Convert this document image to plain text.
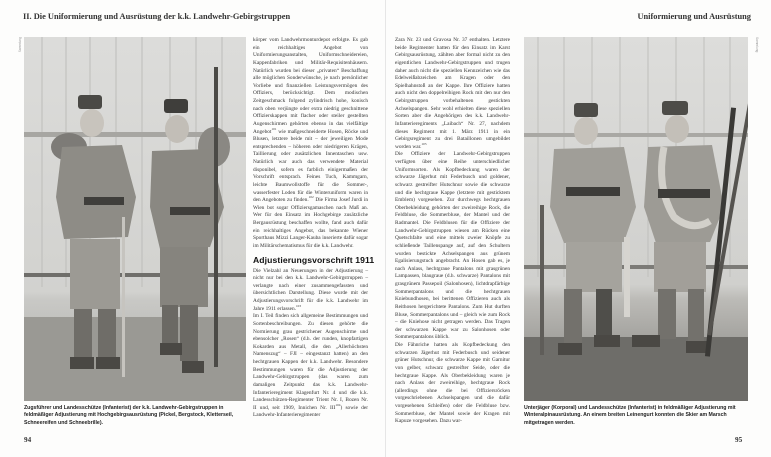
II. Die Uniformierung und Ausrüstung der k.k. Landwehr-Gebirgstruppen
Sammlung
Zugsführer und Landesschütze (Infanterist) der k.k. Landwehr-Gebirgstruppen in feldmäßiger Adjustierung mit Hochgebirgsausrüstung (Pickel, Bergstock, Kletterseil, Schneereifen und Schneebrille).
94

körper vom Landwehrmonturdepot erfolgte. Es gab ein reichhaltiges Angebot von Uniformierungsanstalten, Uniformschneidereien, Kappenfabriken und Militär-Requisitenhäusern. Natürlich wurden bei dieser „privaten“ Beschaffung alle möglichen Sonderwünsche, je nach persönlicher Vorliebe und finanziellen Leistungsvermögen des Offiziers, berücksichtigt. Dem modischen Zeitgeschmack folgend zylindrisch hohe, konisch nach oben verjüngte oder extra niedrig geschnittene Offizierskappen mit flacher oder steiler gestellten Augenschirmen gehörten ebenso in das vielfältige Angebot$^{101}$ wie maßgeschneiderte Hosen, Röcke und Blusen, letztere beide mit – der jeweiligen Mode entsprechenden – höheren oder niedrigeren Krägen, Taillierung oder zusätzlichen Innentaschen usw. Natürlich war auch das verwendete Material disponibel, sofern es farblich einigermaßen der Vorschrift entsprach. Feines Tuch, Kammgarn, leichte Baumwollstoffe für die Sommer-, wasserfester Loden für die Winteruniform waren in den Angeboten zu finden.$^{102}$ Die Firma Josef Jurdi in Wien bot sogar Offiziersgamaschen nach Maß an. Wer für den Einsatz im Hochgebirge zusätzliche Bergausrüstung beschaffen wollte, fand auch dafür ein reichhaltiges Angebot, das bekannte Wiener Sporthaus Mizzi Langer-Kauba inserierte dafür sogar im Militärschematismus für die k.k. Landwehr.

Adjustierungsvorschrift 1911

Die Vielzahl an Neuerungen in der Adjustierung – nicht nur bei den k.k. Landwehr-Gebirgstruppen – verlangte nach einer zusammengefassten und übersichtlichen Darstellung. Diese wurde mit der Adjustierungsvorschrift für die k.k. Landwehr im Jahre 1911 erlassen.$^{103}$

Im I. Teil finden sich allgemeine Bestimmungen und Sortenbeschreibungen. Zu diesen gehörte die Normierung grau gestrichener Augenschirme und ebensolcher „Rosen“ (d.h. der runden, knopfartigen Kokarden aus Metall, die den „Allerhöchsten Namenszug“ – FJI – eingestanzt hatten) an den hechtgrauen Kappen der k.k. Landwehr. Besondere Bestimmungen waren für die Adjustierung der Landwehr-Gebirgstruppen (das waren zum damaligen Zeitpunkt das k.k. Landwehr-Infanterieregiment Klagenfurt Nr. 4 und die k.k. Landesschützen-Regimenter Trient Nr. I, Bozen Nr. II und, seit 1909, Innichen Nr. III$^{104}$) sowie der Landwehr-Infanterieregimenter

Uniformierung und Ausrüstung

Zara Nr. 23 und Gravosa Nr. 37 enthalten. Letztere beide Regimenter hatten für den Einsatz im Karst Gebirgsausrüstung, zählten aber formal nicht zu den eigentlichen Landwehr-Gebirgstruppen und trugen daher auch nicht die speziellen Kennzeichen wie das Edelweißabzeichen am Kragen oder den Spielhahnstoß an der Kappe. Ihre Offiziere hatten auch nicht den doppelreihigen Rock mit den nur den Gebirgstruppen vorbehaltenen gestickten Achselspangen. Sehr wohl erhielten diese speziellen Sorten aber die Angehörigen des k.k. Landwehr-Infanterieregiments „Laibach“ Nr. 27, nachdem dieses Regiment mit 1. März 1911 in ein Gebirgsregiment zu drei Bataillonen umgebildet worden war.$^{105}$

Die Offiziere der Landwehr-Gebirgstruppen verfügten über eine Reihe unterschiedlicher Uniformsorten. Als Kopfbedeckung waren der schwarze Jägerhut mit Federbusch und goldener, schwarz gestreifter Hutschnur sowie die schwarze und die hechtgraue Kappe (letztere mit gesticktem Emblem) vorgesehen. Zur durchwegs hechtgrauen Oberbekleidung gehörten der zweireihige Rock, die Feldbluse, die Sommerbluse, der Mantel und der Radmantel. Die Feldblusen für die Offiziere der Landwehr-Gebirgstruppen wiesen am Rücken eine Quetschfalte und eine mittels zweier Knöpfe zu schließende Taillenspange auf, auf den Schultern wurden bestickte Achselspangen aus grünem Egalisierungstuch angebracht. An Hosen gab es, je nach Anlass, hechtgraue Pantalons mit grasgrünen Lampassen, blaugraue (d.h. schwarze) Pantalons mit grasgrünem Passepoil (Salonhosen), lichtdrapfärbige Sommerpantalons und die hechtgrauen Kniebundhosen, bei berittenen Offizieren auch als Reithosen hergerichtete Pantalons. Zum Hut durften Bluse, Sommerpantalons und – gleich wie zum Rock – die Kniehose nicht getragen werden. Das Tragen der schwarzen Kappe war zu Salonhosen oder Sommerpantalons üblich.

Die Fähnriche hatten als Kopfbedeckung den schwarzen Jägerhut mit Federbusch und seidener grüner Hutschnur, die schwarze Kappe mit Garnitur von gelber, schwarz gestreifter Seide, oder die hechtgraue Kappe. Als Oberbekleidung waren je nach Anlass der zweireihige, hechtgraue Rock (allerdings ohne die bei Offiziersröcken vorgeschriebenen Achselspangen und die dafür vorgesehenen Schleifen) oder die Feldbluse bzw. Sommerbluse, der Mantel sowie der Kragen mit Kapuze vorgesehen. Dazu war-

Sammlung
Unterjäger (Korporal) und Landesschütze (Infanterist) in feldmäßiger Adjustierung mit Winteralpinausrüstung. An einem breiten Leinengurt konnten die Skier am Marsch mitgetragen werden.
95
